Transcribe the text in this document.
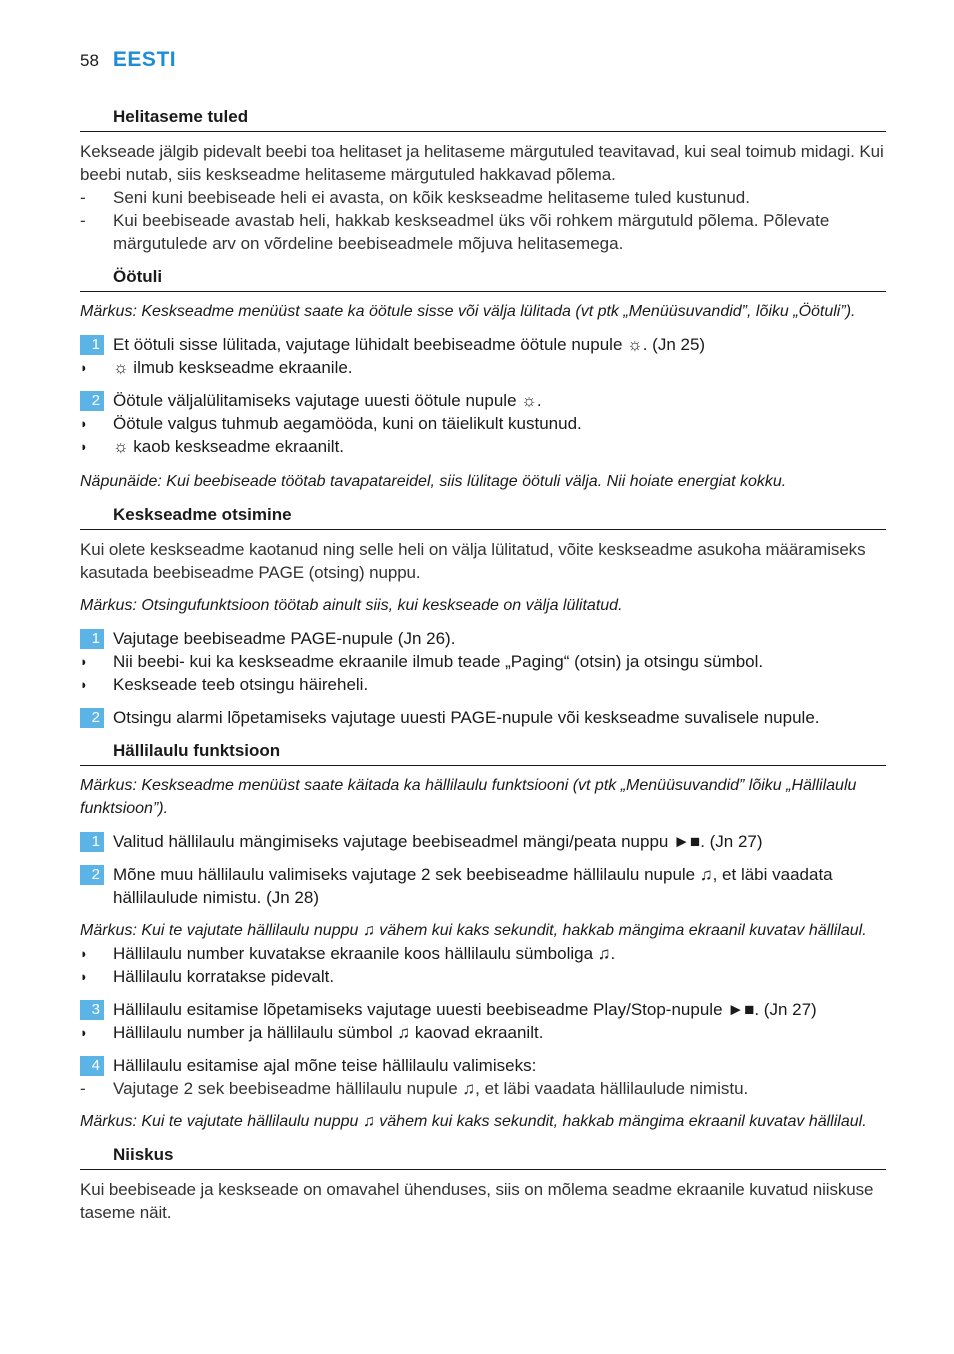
58 EESTI
Helitaseme tuled
Kekseade jälgib pidevalt beebi toa helitaset ja helitaseme märgutuled teavitavad, kui seal toimub midagi. Kui beebi nutab, siis keskseadme helitaseme märgutuled hakkavad põlema.
-	Seni kuni beebiseade heli ei avasta, on kõik keskseadme helitaseme tuled kustunud.
-	Kui beebiseade avastab heli, hakkab keskseadmel üks või rohkem märgutuld põlema. Põlevate märgutulede arv on võrdeline beebiseadmele mõjuva helitasemega.
Öötuli
Märkus: Keskseadme menüüst saate ka öötule sisse või välja lülitada (vt ptk „Menüüsuvandid”, lõiku „Öötuli”).
1 Et öötuli sisse lülitada, vajutage lühidalt beebiseadme öötule nupule ☼. (Jn 25)
◗	☼ ilmub keskseadme ekraanile.
2 Öötule väljalülitamiseks vajutage uuesti öötule nupule ☼.
◗	Öötule valgus tuhmub aegamööda, kuni on täielikult kustunud.
◗	☼ kaob keskseadme ekraanilt.
Näpunäide: Kui beebiseade töötab tavapatareidel, siis lülitage öötuli välja. Nii hoiate energiat kokku.
Keskseadme otsimine
Kui olete keskseadme kaotanud ning selle heli on välja lülitatud, võite keskseadme asukoha määramiseks kasutada beebiseadme PAGE (otsing) nuppu.
Märkus: Otsingufunktsioon töötab ainult siis, kui keskseade on välja lülitatud.
1 Vajutage beebiseadme PAGE-nupule (Jn 26).
◗	Nii beebi- kui ka keskseadme ekraanile ilmub teade „Paging“ (otsin) ja otsingu sümbol.
◗	Keskseade teeb otsingu häireheli.
2 Otsingu alarmi lõpetamiseks vajutage uuesti PAGE-nupule või keskseadme suvalisele nupule.
Hällilaulu funktsioon
Märkus: Keskseadme menüüst saate käitada ka hällilaulu funktsiooni (vt ptk „Menüüsuvandid” lõiku „Hällilaulu funktsioon”).
1 Valitud hällilaulu mängimiseks vajutage beebiseadmel mängi/peata nuppu ►■. (Jn 27)
2 Mõne muu hällilaulu valimiseks vajutage 2 sek beebiseadme hällilaulu nupule ♫, et läbi vaadata hällilaulude nimistu. (Jn 28)
Märkus: Kui te vajutate hällilaulu nuppu ♫ vähem kui kaks sekundit, hakkab mängima ekraanil kuvatav hällilaul.
◗	Hällilaulu number kuvatakse ekraanile koos hällilaulu sümboliga ♫.
◗	Hällilaulu korratakse pidevalt.
3 Hällilaulu esitamise lõpetamiseks vajutage uuesti beebiseadme Play/Stop-nupule ►■. (Jn 27)
◗	Hällilaulu number ja hällilaulu sümbol ♫ kaovad ekraanilt.
4 Hällilaulu esitamise ajal mõne teise hällilaulu valimiseks:
-	Vajutage 2 sek beebiseadme hällilaulu nupule ♫, et läbi vaadata hällilaulude nimistu.
Märkus: Kui te vajutate hällilaulu nuppu ♫ vähem kui kaks sekundit, hakkab mängima ekraanil kuvatav hällilaul.
Niiskus
Kui beebiseade ja keskseade on omavahel ühenduses, siis on mõlema seadme ekraanile kuvatud niiskuse taseme näit.
